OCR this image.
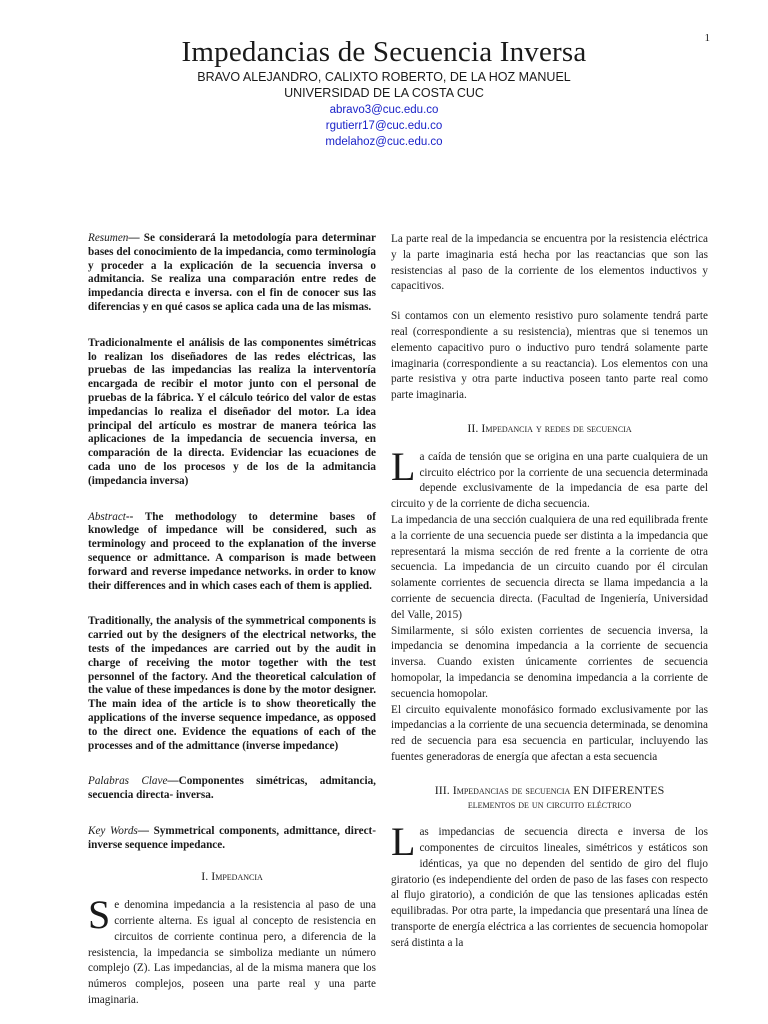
1
Impedancias de Secuencia Inversa
BRAVO ALEJANDRO, CALIXTO ROBERTO, DE LA HOZ MANUEL
UNIVERSIDAD DE LA COSTA CUC
abravo3@cuc.edu.co
rgutierr17@cuc.edu.co
mdelahoz@cuc.edu.co

Resumen— Se considerará la metodología para determinar bases del conocimiento de la impedancia, como terminología y proceder a la explicación de la secuencia inversa o admitancia. Se realiza una comparación entre redes de impedancia directa e inversa. con el fin de conocer sus las diferencias y en qué casos se aplica cada una de las mismas.

Tradicionalmente el análisis de las componentes simétricas lo realizan los diseñadores de las redes eléctricas, las pruebas de las impedancias las realiza la interventoría encargada de recibir el motor junto con el personal de pruebas de la fábrica. Y el cálculo teórico del valor de estas impedancias lo realiza el diseñador del motor. La idea principal del artículo es mostrar de manera teórica las aplicaciones de la impedancia de secuencia inversa, en comparación de la directa. Evidenciar las ecuaciones de cada uno de los procesos y de los de la admitancia (impedancia inversa)

Abstract-- The methodology to determine bases of knowledge of impedance will be considered, such as terminology and proceed to the explanation of the inverse sequence or admittance. A comparison is made between forward and reverse impedance networks. in order to know their differences and in which cases each of them is applied.

Traditionally, the analysis of the symmetrical components is carried out by the designers of the electrical networks, the tests of the impedances are carried out by the audit in charge of receiving the motor together with the test personnel of the factory. And the theoretical calculation of the value of these impedances is done by the motor designer. The main idea of the article is to show theoretically the applications of the inverse sequence impedance, as opposed to the direct one. Evidence the equations of each of the processes and of the admittance (inverse impedance)

Palabras Clave—Componentes simétricas, admitancia, secuencia directa- inversa.

Key Words— Symmetrical components, admittance, direct-inverse sequence impedance.

I. Impedancia

Se denomina impedancia a la resistencia al paso de una corriente alterna. Es igual al concepto de resistencia en circuitos de corriente continua pero, a diferencia de la resistencia, la impedancia se simboliza mediante un número complejo (Z). Las impedancias, al de la misma manera que los números complejos, poseen una parte real y una parte imaginaria.

La parte real de la impedancia se encuentra por la resistencia eléctrica y la parte imaginaria está hecha por las reactancias que son las resistencias al paso de la corriente de los elementos inductivos y capacitivos.

Si contamos con un elemento resistivo puro solamente tendrá parte real (correspondiente a su resistencia), mientras que si tenemos un elemento capacitivo puro o inductivo puro tendrá solamente parte imaginaria (correspondiente a su reactancia). Los elementos con una parte resistiva y otra parte inductiva poseen tanto parte real como parte imaginaria.

II. Impedancia y redes de secuencia

La caída de tensión que se origina en una parte cualquiera de un circuito eléctrico por la corriente de una secuencia determinada depende exclusivamente de la impedancia de esa parte del circuito y de la corriente de dicha secuencia.

La impedancia de una sección cualquiera de una red equilibrada frente a la corriente de una secuencia puede ser distinta a la impedancia que representará la misma sección de red frente a la corriente de otra secuencia. La impedancia de un circuito cuando por él circulan solamente corrientes de secuencia directa se llama impedancia a la corriente de secuencia directa. (Facultad de Ingeniería, Universidad del Valle, 2015)

Similarmente, si sólo existen corrientes de secuencia inversa, la impedancia se denomina impedancia a la corriente de secuencia inversa. Cuando existen únicamente corrientes de secuencia homopolar, la impedancia se denomina impedancia a la corriente de secuencia homopolar.

El circuito equivalente monofásico formado exclusivamente por las impedancias a la corriente de una secuencia determinada, se denomina red de secuencia para esa secuencia en particular, incluyendo las fuentes generadoras de energía que afectan a esta secuencia

III. Impedancias de secuencia EN DIFERENTES
elementos de un circuito eléctrico

Las impedancias de secuencia directa e inversa de los componentes de circuitos lineales, simétricos y estáticos son idénticas, ya que no dependen del sentido de giro del flujo giratorio (es independiente del orden de paso de las fases con respecto al flujo giratorio), a condición de que las tensiones aplicadas estén equilibradas. Por otra parte, la impedancia que presentará una línea de transporte de energía eléctrica a las corrientes de secuencia homopolar será distinta a la
